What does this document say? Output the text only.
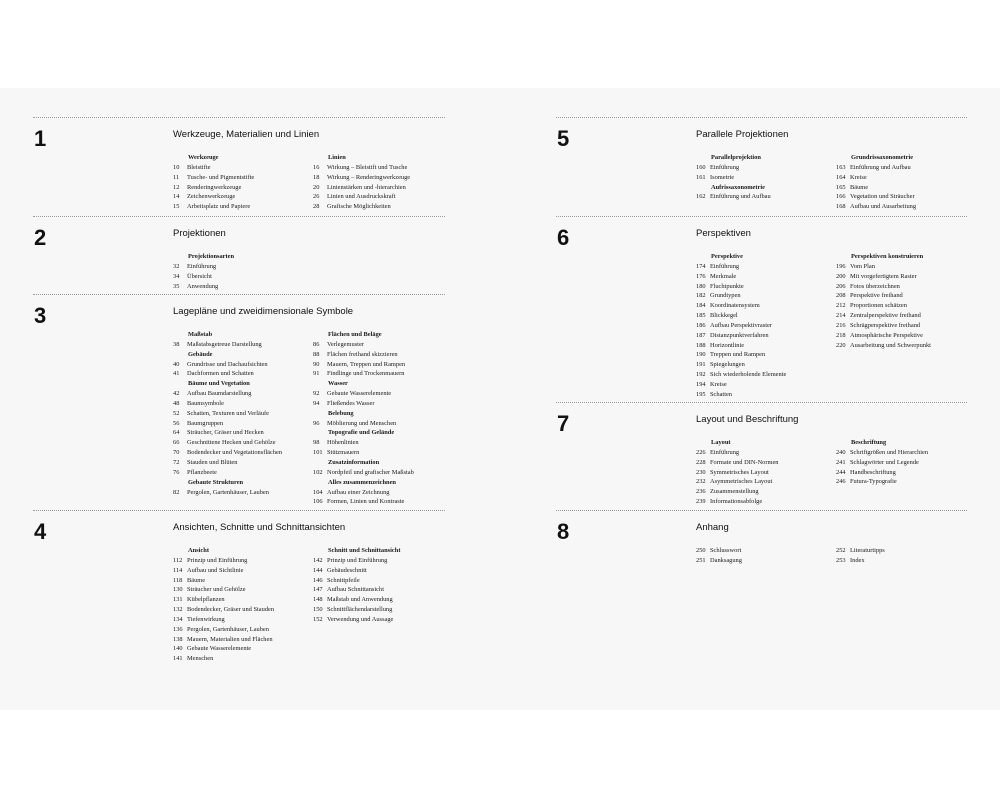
1	Werkzeuge, Materialien und Linien
Werkzeuge
10 Bleistifte
11 Tusche- und Pigmentstifte
12 Renderingwerkzeuge
14 Zeichenwerkzeuge
15 Arbeitsplatz und Papiere
Linien
16 Wirkung – Bleistift und Tusche
18 Wirkung – Renderingwerkzeuge
20 Linienstärken und -hierarchien
26 Linien und Ausdruckskraft
28 Grafische Möglichkeiten
2	Projektionen
Projektionsarten
32 Einführung
34 Übersicht
35 Anwendung
3	Lagepläne und zweidimensionale Symbole
Maßstab
38 Maßstabsgetreue Darstellung
Gebäude
40 Grundrisse und Dachaufsichten
41 Dachformen und Schatten
Bäume und Vegetation
42 Aufbau Baumdarstellung
48 Baumsymbole
52 Schatten, Texturen und Verläufe
56 Baumgruppen
64 Sträucher, Gräser und Hecken
66 Geschnittene Hecken und Gehölze
70 Bodendecker und Vegetationsflächen
72 Stauden und Blüten
76 Pflanzbeete
Gebaute Strukturen
82 Pergolen, Gartenhäuser, Lauben
Flächen und Beläge
86 Verlegemuster
88 Flächen freihand skizzieren
90 Mauern, Treppen und Rampen
91 Findlinge und Trockenmauern
Wasser
92 Gebaute Wasserelemente
94 Fließendes Wasser
Belebung
96 Möblierung und Menschen
Topografie und Gelände
98 Höhenlinien
101 Stützmauern
Zusatzinformation
102 Nordpfeil und grafischer Maßstab
Alles zusammenzeichnen
104 Aufbau einer Zeichnung
106 Formen, Linien und Kontraste
4	Ansichten, Schnitte und Schnittansichten
Ansicht
112 Prinzip und Einführung
114 Aufbau und Sichtlinie
118 Bäume
130 Sträucher und Gehölze
131 Kübelpflanzen
132 Bodendecker, Gräser und Stauden
134 Tiefenwirkung
136 Pergolen, Gartenhäuser, Lauben
138 Mauern, Materialien und Flächen
140 Gebaute Wasserelemente
141 Menschen
Schnitt und Schnittansicht
142 Prinzip und Einführung
144 Gebäudeschnitt
146 Schnittpfeile
147 Aufbau Schnittansicht
148 Maßstab und Anwendung
150 Schnittflächendarstellung
152 Verwendung und Aussage
5	Parallele Projektionen
Parallelprojektion
160 Einführung
161 Isometrie
Aufrissaxonometrie
162 Einführung und Aufbau
Grundrissaxonometrie
163 Einführung und Aufbau
164 Kreise
165 Bäume
166 Vegetation und Sträucher
168 Aufbau und Ausarbeitung
6	Perspektiven
Perspektive
174 Einführung
176 Merkmale
180 Fluchtpunkte
182 Grundtypen
184 Koordinatensystem
185 Blickkegel
186 Aufbau Perspektivraster
187 Distanzpunktverfahren
188 Horizontlinie
190 Treppen und Rampen
191 Spiegelungen
192 Sich wiederholende Elemente
194 Kreise
195 Schatten
Perspektiven konstruieren
196 Vom Plan
200 Mit vorgefertigtem Raster
206 Fotos überzeichnen
208 Perspektive freihand
212 Proportionen schätzen
214 Zentralperspektive freihand
216 Schrägperspektive freihand
218 Atmosphärische Perspektive
220 Ausarbeitung und Schwerpunkt
7	Layout und Beschriftung
Layout
226 Einführung
228 Formate und DIN-Normen
230 Symmetrisches Layout
232 Asymmetrisches Layout
236 Zusammenstellung
239 Informationsabfolge
Beschriftung
240 Schriftgrößen und Hierarchien
241 Schlagwörter und Legende
244 Handbeschriftung
246 Futura-Typografie
8	Anhang
250 Schlusswort
251 Danksagung
252 Literaturtipps
253 Index
